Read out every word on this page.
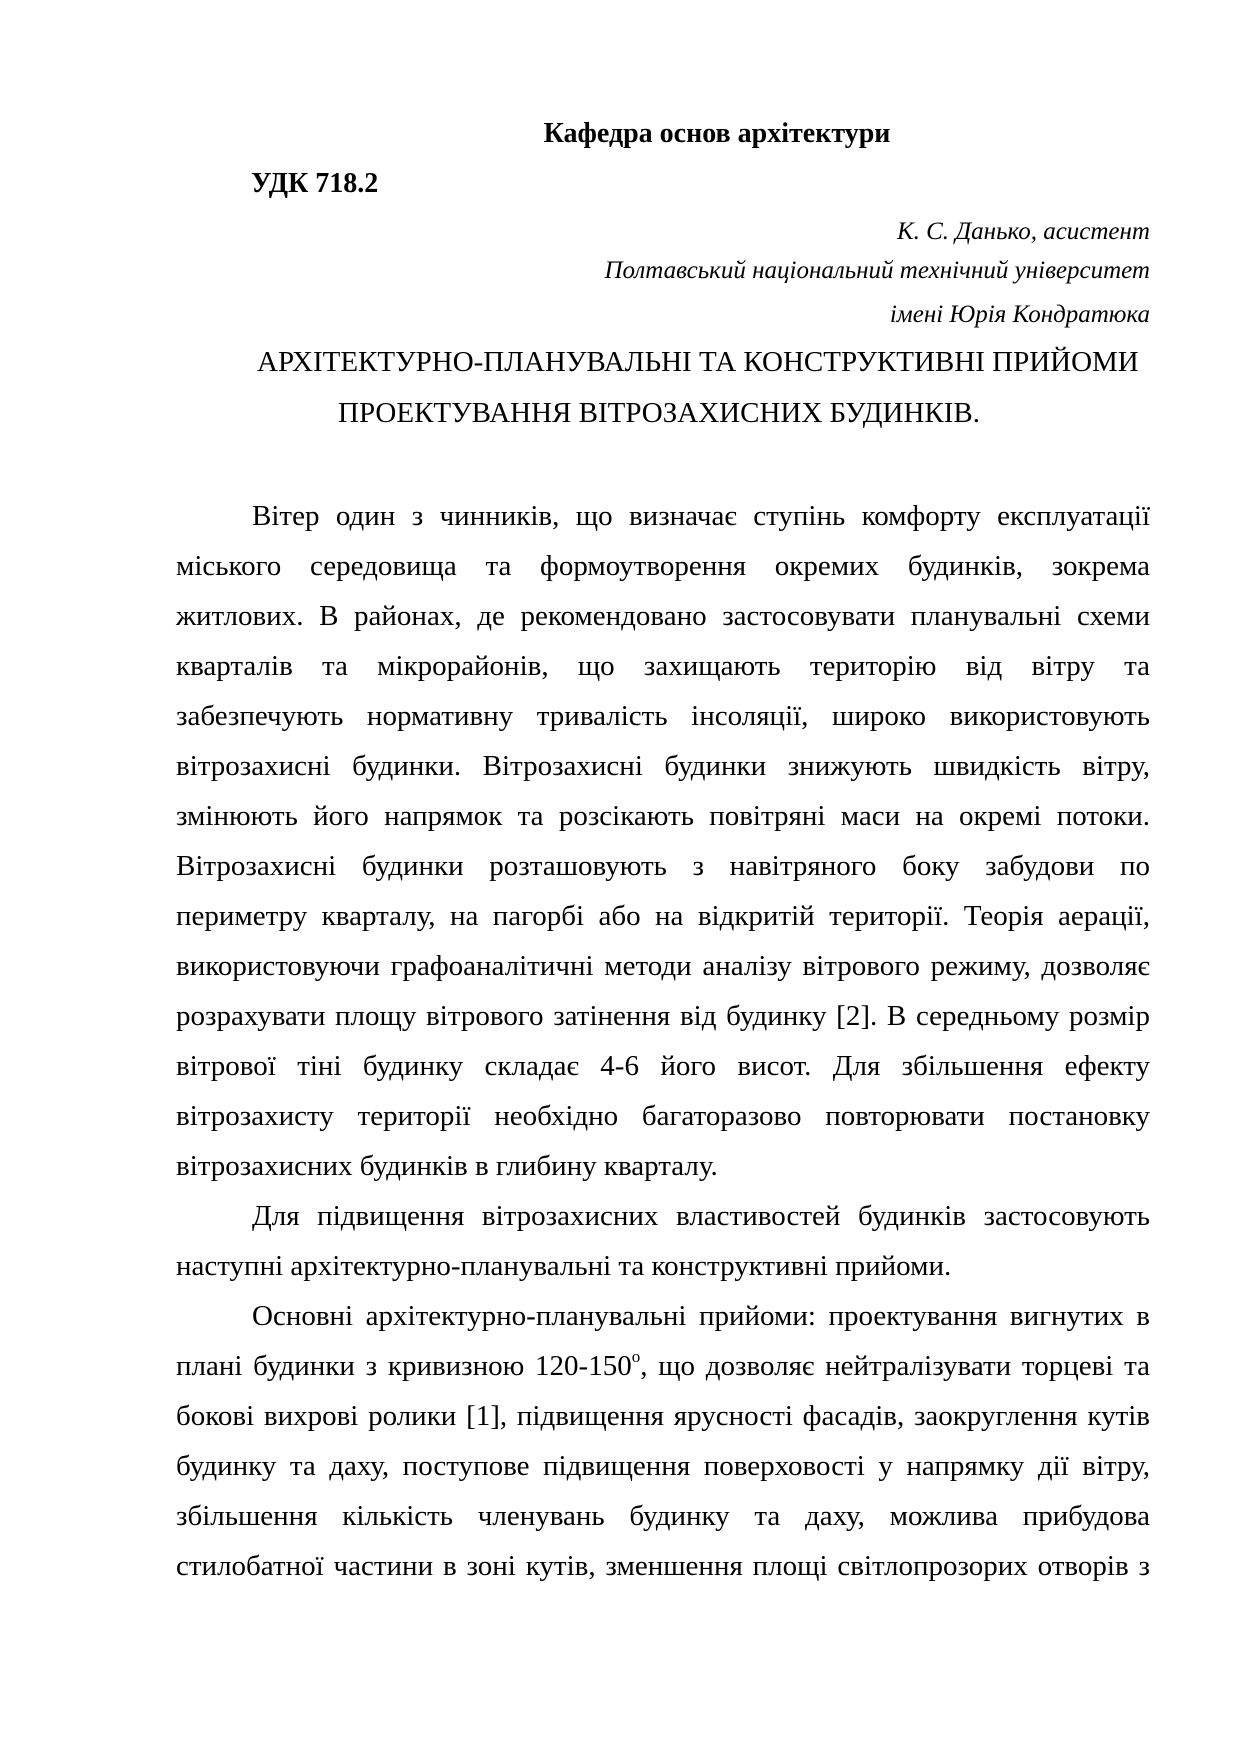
Кафедра основ архітектури
УДК 718.2
К. С. Данько, асистент
Полтавський національний технічний університет
імені Юрія Кондратюка
АРХІТЕКТУРНО-ПЛАНУВАЛЬНІ ТА КОНСТРУКТИВНІ ПРИЙОМИ
ПРОЕКТУВАННЯ ВІТРОЗАХИСНИХ БУДИНКІВ.
Вітер один з чинників, що визначає ступінь комфорту експлуатації
міського середовища та формоутворення окремих будинків, зокрема
житлових. В районах, де рекомендовано застосовувати планувальні схеми
кварталів та мікрорайонів, що захищають територію від вітру та
забезпечують нормативну тривалість інсоляції, широко використовують
вітрозахисні будинки. Вітрозахисні будинки знижують швидкість вітру,
змінюють його напрямок та розсікають повітряні маси на окремі потоки.
Вітрозахисні будинки розташовують з навітряного боку забудови по
периметру кварталу, на пагорбі або на відкритій території. Теорія аерації,
використовуючи графоаналітичні методи аналізу вітрового режиму, дозволяє
розрахувати площу вітрового затінення від будинку [2]. В середньому розмір
вітрової тіні будинку складає 4-6 його висот. Для збільшення ефекту
вітрозахисту території необхідно багаторазово повторювати постановку
вітрозахисних будинків в глибину кварталу.
Для підвищення вітрозахисних властивостей будинків застосовують
наступні архітектурно-планувальні та конструктивні прийоми.
Основні архітектурно-планувальні прийоми: проектування вигнутих в
плані будинки з кривизною 120-150$^o$, що дозволяє нейтралізувати торцеві та
бокові вихрові ролики [1], підвищення ярусності фасадів, заокруглення кутів
будинку та даху, поступове підвищення поверховості у напрямку дії вітру,
збільшення кількість членувань будинку та даху, можлива прибудова
стилобатної частини в зоні кутів, зменшення площі світлопрозорих отворів з
